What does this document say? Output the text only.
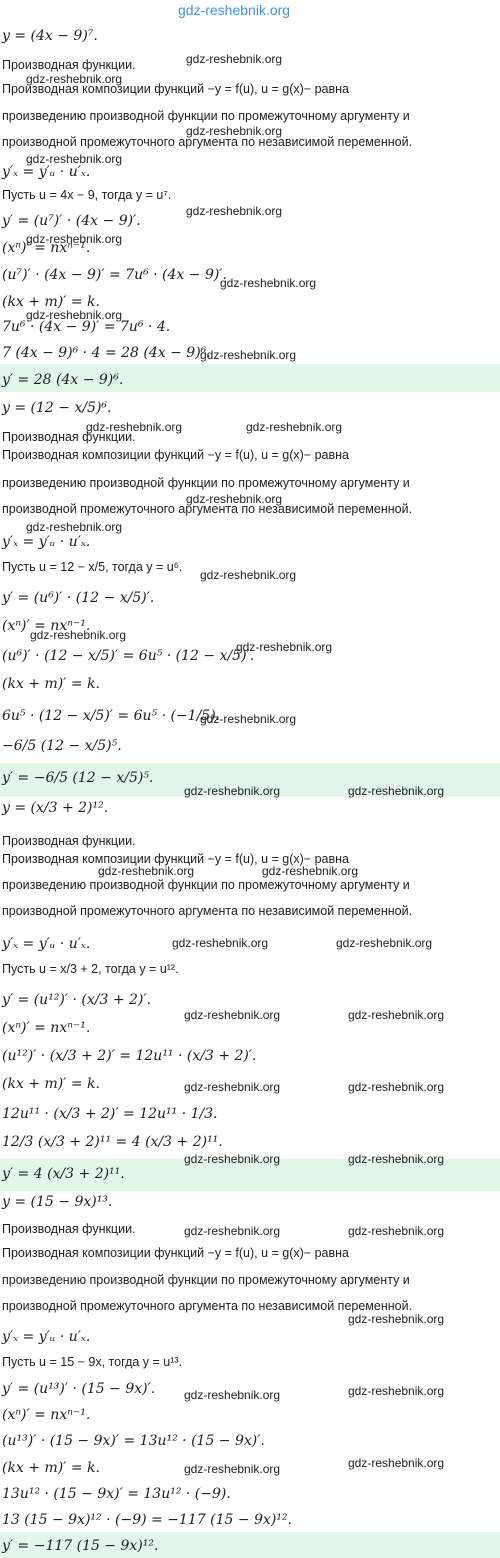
gdz-reshebnik.org
y = (4x − 9)⁷.
Производная функции.
Производная композиции функций −y = f(u), u = g(x)− равна
произведению производной функции по промежуточному аргументу и
производной промежуточного аргумента по независимой переменной.
y′ₓ = y′ᵤ · u′ₓ.
Пусть u = 4x − 9, тогда y = u⁷.
y′ = (u⁷)′ · (4x − 9)′.
(xⁿ)′ = nxⁿ⁻¹.
(u⁷)′ · (4x − 9)′ = 7u⁶ · (4x − 9)′.
(kx + m)′ = k.
7u⁶ · (4x − 9)′ = 7u⁶ · 4.
7 (4x − 9)⁶ · 4 = 28 (4x − 9)⁶.
y′ = 28 (4x − 9)⁶.
y = (12 − x/5)⁶.
Производная функции.
Производная композиции функций −y = f(u), u = g(x)− равна
произведению производной функции по промежуточному аргументу и
производной промежуточного аргумента по независимой переменной.
y′ₓ = y′ᵤ · u′ₓ.
Пусть u = 12 − x/5, тогда y = u⁶.
y′ = (u⁶)′ · (12 − x/5)′.
(xⁿ)′ = nxⁿ⁻¹.
(u⁶)′ · (12 − x/5)′ = 6u⁵ · (12 − x/5)′.
(kx + m)′ = k.
6u⁵ · (12 − x/5)′ = 6u⁵ · (−1/5).
−6/5 (12 − x/5)⁵.
y′ = −6/5 (12 − x/5)⁵.
y = (x/3 + 2)¹².
Производная функции.
Производная композиции функций −y = f(u), u = g(x)− равна
произведению производной функции по промежуточному аргументу и
производной промежуточного аргумента по независимой переменной.
y′ₓ = y′ᵤ · u′ₓ.
Пусть u = x/3 + 2, тогда y = u¹².
y′ = (u¹²)′ · (x/3 + 2)′.
(xⁿ)′ = nxⁿ⁻¹.
(u¹²)′ · (x/3 + 2)′ = 12u¹¹ · (x/3 + 2)′.
(kx + m)′ = k.
12u¹¹ · (x/3 + 2)′ = 12u¹¹ · 1/3.
12/3 (x/3 + 2)¹¹ = 4 (x/3 + 2)¹¹.
y′ = 4 (x/3 + 2)¹¹.
y = (15 − 9x)¹³.
Производная функции.
Производная композиции функций −y = f(u), u = g(x)− равна
произведению производной функции по промежуточному аргументу и
производной промежуточного аргумента по независимой переменной.
y′ₓ = y′ᵤ · u′ₓ.
Пусть u = 15 − 9x, тогда y = u¹³.
y′ = (u¹³)′ · (15 − 9x)′.
(xⁿ)′ = nxⁿ⁻¹.
(u¹³)′ · (15 − 9x)′ = 13u¹² · (15 − 9x)′.
(kx + m)′ = k.
13u¹² · (15 − 9x)′ = 13u¹² · (−9).
13 (15 − 9x)¹² · (−9) = −117 (15 − 9x)¹².
y′ = −117 (15 − 9x)¹².
gdz-reshebnik.org
gdz-reshebnik.org
gdz-reshebnik.org
gdz-reshebnik.org
gdz-reshebnik.org
gdz-reshebnik.org
gdz-reshebnik.org
gdz-reshebnik.org
gdz-reshebnik.org
gdz-reshebnik.org	gdz-reshebnik.org
gdz-reshebnik.org
gdz-reshebnik.org
gdz-reshebnik.org
gdz-reshebnik.org
gdz-reshebnik.org
gdz-reshebnik.org
gdz-reshebnik.org	gdz-reshebnik.org
gdz-reshebnik.org	gdz-reshebnik.org
gdz-reshebnik.org	gdz-reshebnik.org
gdz-reshebnik.org	gdz-reshebnik.org
gdz-reshebnik.org	gdz-reshebnik.org
gdz-reshebnik.org	gdz-reshebnik.org
gdz-reshebnik.org	gdz-reshebnik.org
gdz-reshebnik.org
gdz-reshebnik.org	gdz-reshebnik.org
gdz-reshebnik.org	gdz-reshebnik.org
